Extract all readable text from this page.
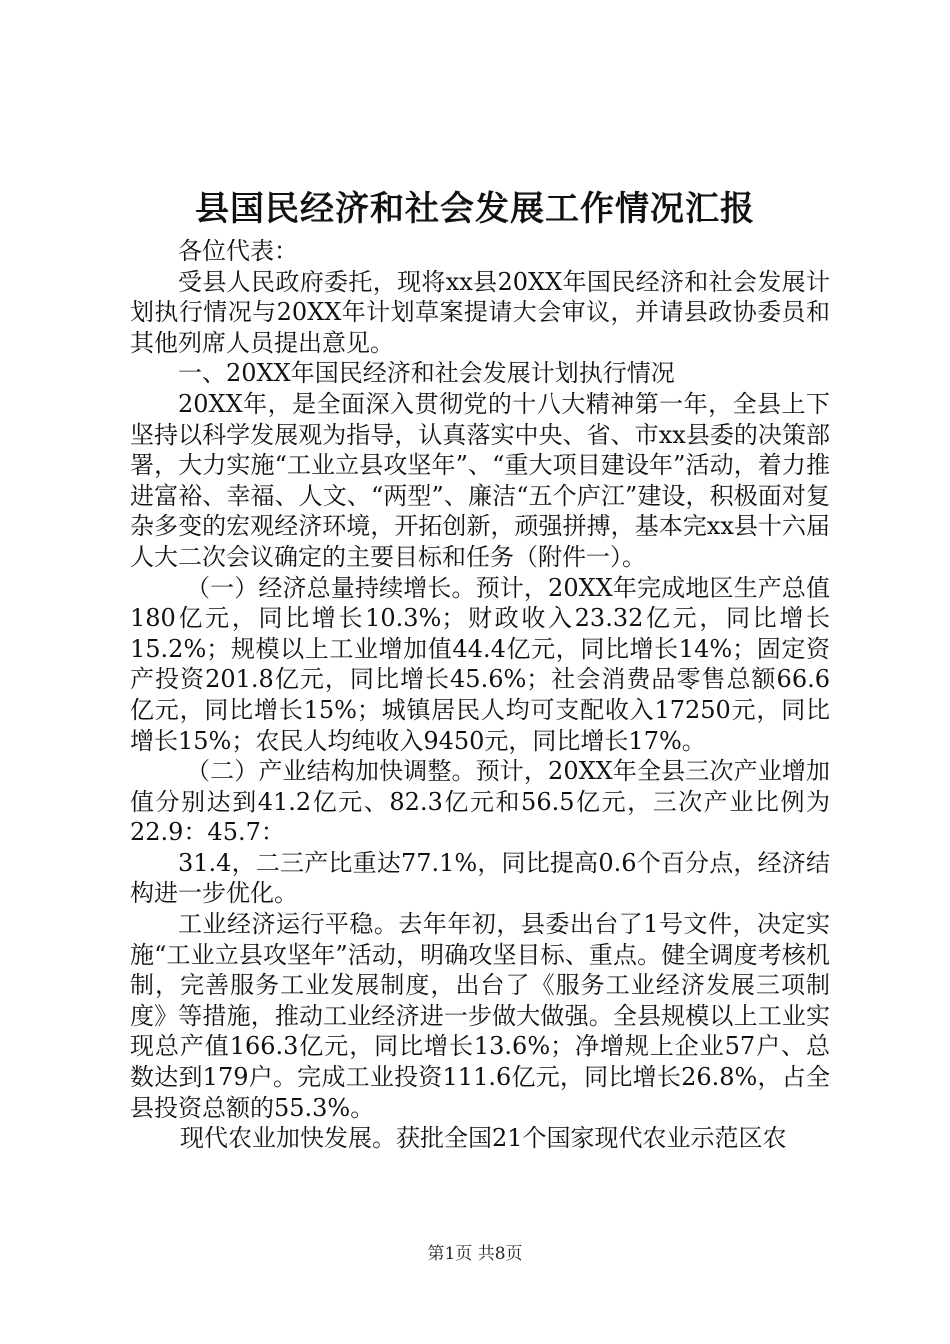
县国民经济和社会发展工作情况汇报

各位代表：

受县人民政府委托，现将xx县20XX年国民经济和社会发展计划执行情况与20XX年计划草案提请大会审议，并请县政协委员和其他列席人员提出意见。

一、20XX年国民经济和社会发展计划执行情况

20XX年，是全面深入贯彻党的十八大精神第一年，全县上下坚持以科学发展观为指导，认真落实中央、省、市xx县委的决策部署，大力实施“工业立县攻坚年”、“重大项目建设年”活动，着力推进富裕、幸福、人文、“两型”、廉洁“五个庐江”建设，积极面对复杂多变的宏观经济环境，开拓创新，顽强拼搏，基本完xx县十六届人大二次会议确定的主要目标和任务（附件一）。

（一）经济总量持续增长。预计，20XX年完成地区生产总值180亿元，同比增长10.3%；财政收入23.32亿元，同比增长15.2%；规模以上工业增加值44.4亿元，同比增长14%；固定资产投资201.8亿元，同比增长45.6%；社会消费品零售总额66.6亿元，同比增长15%；城镇居民人均可支配收入17250元，同比增长15%；农民人均纯收入9450元，同比增长17%。

（二）产业结构加快调整。预计，20XX年全县三次产业增加值分别达到41.2亿元、82.3亿元和56.5亿元，三次产业比例为22.9：45.7：

31.4，二三产比重达77.1%，同比提高0.6个百分点，经济结构进一步优化。

工业经济运行平稳。去年年初，县委出台了1号文件，决定实施“工业立县攻坚年”活动，明确攻坚目标、重点。健全调度考核机制，完善服务工业发展制度，出台了《服务工业经济发展三项制度》等措施，推动工业经济进一步做大做强。全县规模以上工业实现总产值166.3亿元，同比增长13.6%；净增规上企业57户、总数达到179户。完成工业投资111.6亿元，同比增长26.8%，占全县投资总额的55.3%。

现代农业加快发展。获批全国21个国家现代农业示范区农

第1页 共8页
